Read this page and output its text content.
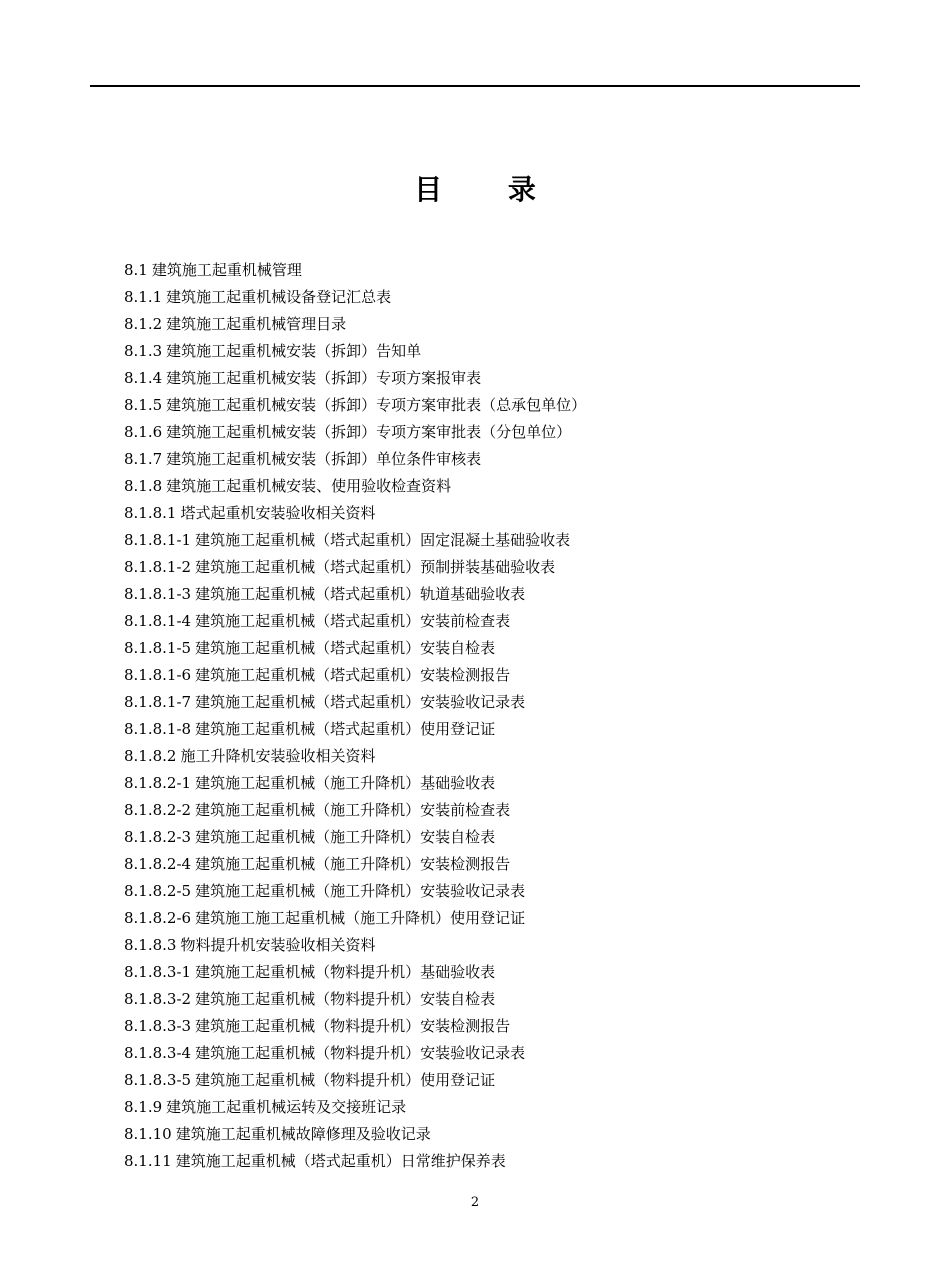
目 录
8.1 建筑施工起重机械管理
8.1.1 建筑施工起重机械设备登记汇总表
8.1.2 建筑施工起重机械管理目录
8.1.3 建筑施工起重机械安装（拆卸）告知单
8.1.4 建筑施工起重机械安装（拆卸）专项方案报审表
8.1.5 建筑施工起重机械安装（拆卸）专项方案审批表（总承包单位）
8.1.6 建筑施工起重机械安装（拆卸）专项方案审批表（分包单位）
8.1.7 建筑施工起重机械安装（拆卸）单位条件审核表
8.1.8 建筑施工起重机械安装、使用验收检查资料
8.1.8.1 塔式起重机安装验收相关资料
8.1.8.1-1 建筑施工起重机械（塔式起重机）固定混凝土基础验收表
8.1.8.1-2 建筑施工起重机械（塔式起重机）预制拼装基础验收表
8.1.8.1-3 建筑施工起重机械（塔式起重机）轨道基础验收表
8.1.8.1-4 建筑施工起重机械（塔式起重机）安装前检查表
8.1.8.1-5 建筑施工起重机械（塔式起重机）安装自检表
8.1.8.1-6 建筑施工起重机械（塔式起重机）安装检测报告
8.1.8.1-7 建筑施工起重机械（塔式起重机）安装验收记录表
8.1.8.1-8 建筑施工起重机械（塔式起重机）使用登记证
8.1.8.2 施工升降机安装验收相关资料
8.1.8.2-1 建筑施工起重机械（施工升降机）基础验收表
8.1.8.2-2 建筑施工起重机械（施工升降机）安装前检查表
8.1.8.2-3 建筑施工起重机械（施工升降机）安装自检表
8.1.8.2-4 建筑施工起重机械（施工升降机）安装检测报告
8.1.8.2-5 建筑施工起重机械（施工升降机）安装验收记录表
8.1.8.2-6 建筑施工施工起重机械（施工升降机）使用登记证
8.1.8.3 物料提升机安装验收相关资料
8.1.8.3-1 建筑施工起重机械（物料提升机）基础验收表
8.1.8.3-2 建筑施工起重机械（物料提升机）安装自检表
8.1.8.3-3 建筑施工起重机械（物料提升机）安装检测报告
8.1.8.3-4 建筑施工起重机械（物料提升机）安装验收记录表
8.1.8.3-5 建筑施工起重机械（物料提升机）使用登记证
8.1.9 建筑施工起重机械运转及交接班记录
8.1.10 建筑施工起重机械故障修理及验收记录
8.1.11 建筑施工起重机械（塔式起重机）日常维护保养表
2
